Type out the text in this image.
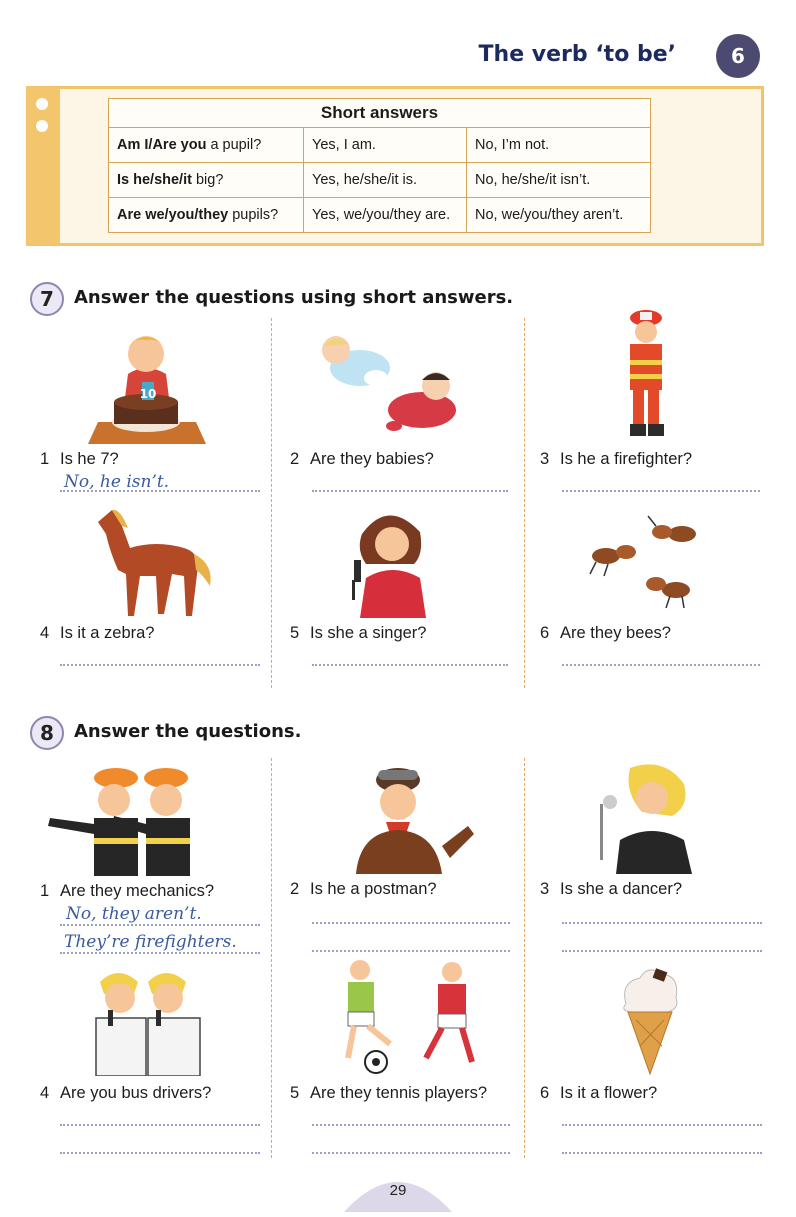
The verb ‘to be’	6
Short answers		
Am I/Are you a pupil?	Yes, I am.	No, I’m not.
Is he/she/it big?	Yes, he/she/it is.	No, he/she/it isn’t.
Are we/you/they pupils?	Yes, we/you/they are.	No, we/you/they aren’t.
7	Answer the questions using short answers.
10
1 Is he 7?
No, he isn’t.
2 Are they babies?	3 Is he a firefighter?
4 Is it a zebra?	5 Is she a singer?	6 Are they bees?
8	Answer the questions.
1 Are they mechanics?
No, they aren’t.
They’re firefighters.
2 Is he a postman?	3 Is she a dancer?
4 Are you bus drivers?	5 Are they tennis players?	6 Is it a flower?
29
